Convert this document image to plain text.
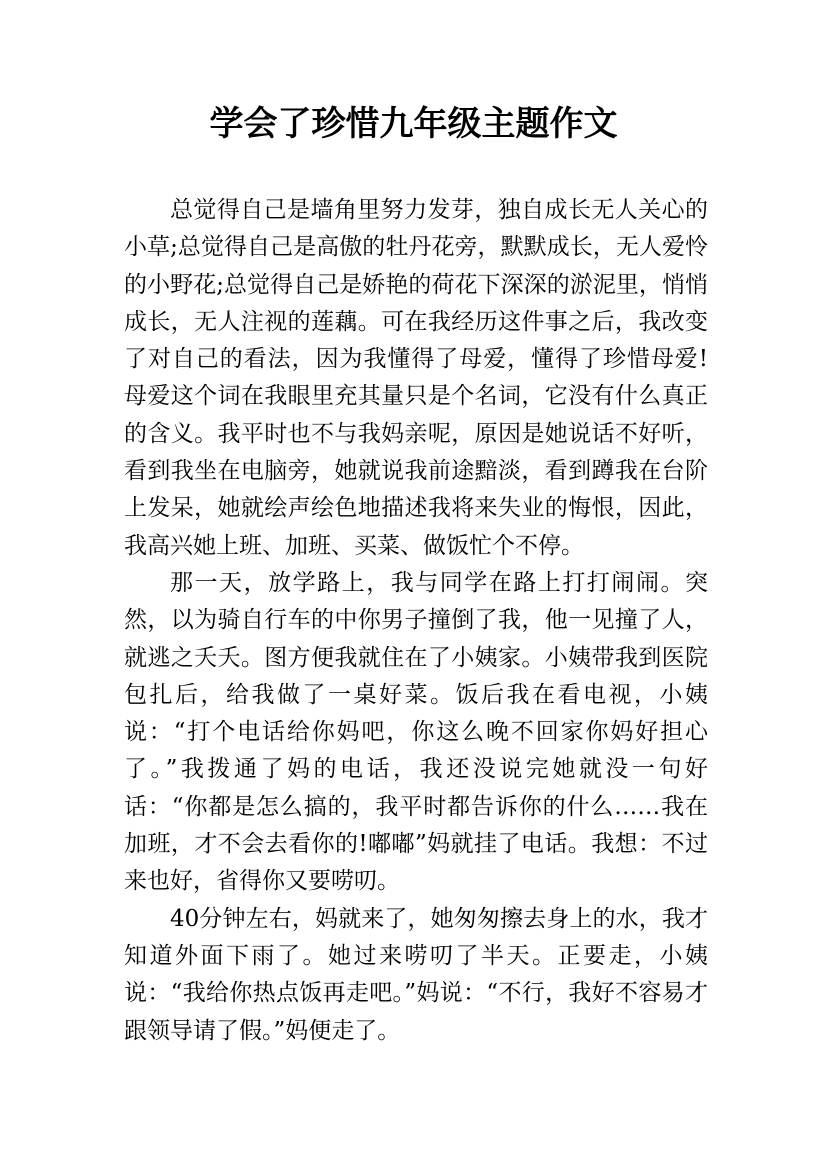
学会了珍惜九年级主题作文

总觉得自己是墙角里努力发芽，独自成长无人关心的小草;总觉得自己是高傲的牡丹花旁，默默成长，无人爱怜的小野花;总觉得自己是娇艳的荷花下深深的淤泥里，悄悄成长，无人注视的莲藕。可在我经历这件事之后，我改变了对自己的看法，因为我懂得了母爱，懂得了珍惜母爱!母爱这个词在我眼里充其量只是个名词，它没有什么真正的含义。我平时也不与我妈亲呢，原因是她说话不好听，看到我坐在电脑旁，她就说我前途黯淡，看到蹲我在台阶上发呆，她就绘声绘色地描述我将来失业的悔恨，因此，我高兴她上班、加班、买菜、做饭忙个不停。

那一天，放学路上，我与同学在路上打打闹闹。突然，以为骑自行车的中你男子撞倒了我，他一见撞了人，就逃之夭夭。图方便我就住在了小姨家。小姨带我到医院包扎后，给我做了一桌好菜。饭后我在看电视，小姨说：“打个电话给你妈吧，你这么晚不回家你妈好担心了。”我拨通了妈的电话，我还没说完她就没一句好话：“你都是怎么搞的，我平时都告诉你的什么……我在加班，才不会去看你的!嘟嘟”妈就挂了电话。我想：不过来也好，省得你又要唠叨。

40分钟左右，妈就来了，她匆匆擦去身上的水，我才知道外面下雨了。她过来唠叨了半天。正要走，小姨说：“我给你热点饭再走吧。”妈说：“不行，我好不容易才跟领导请了假。”妈便走了。
